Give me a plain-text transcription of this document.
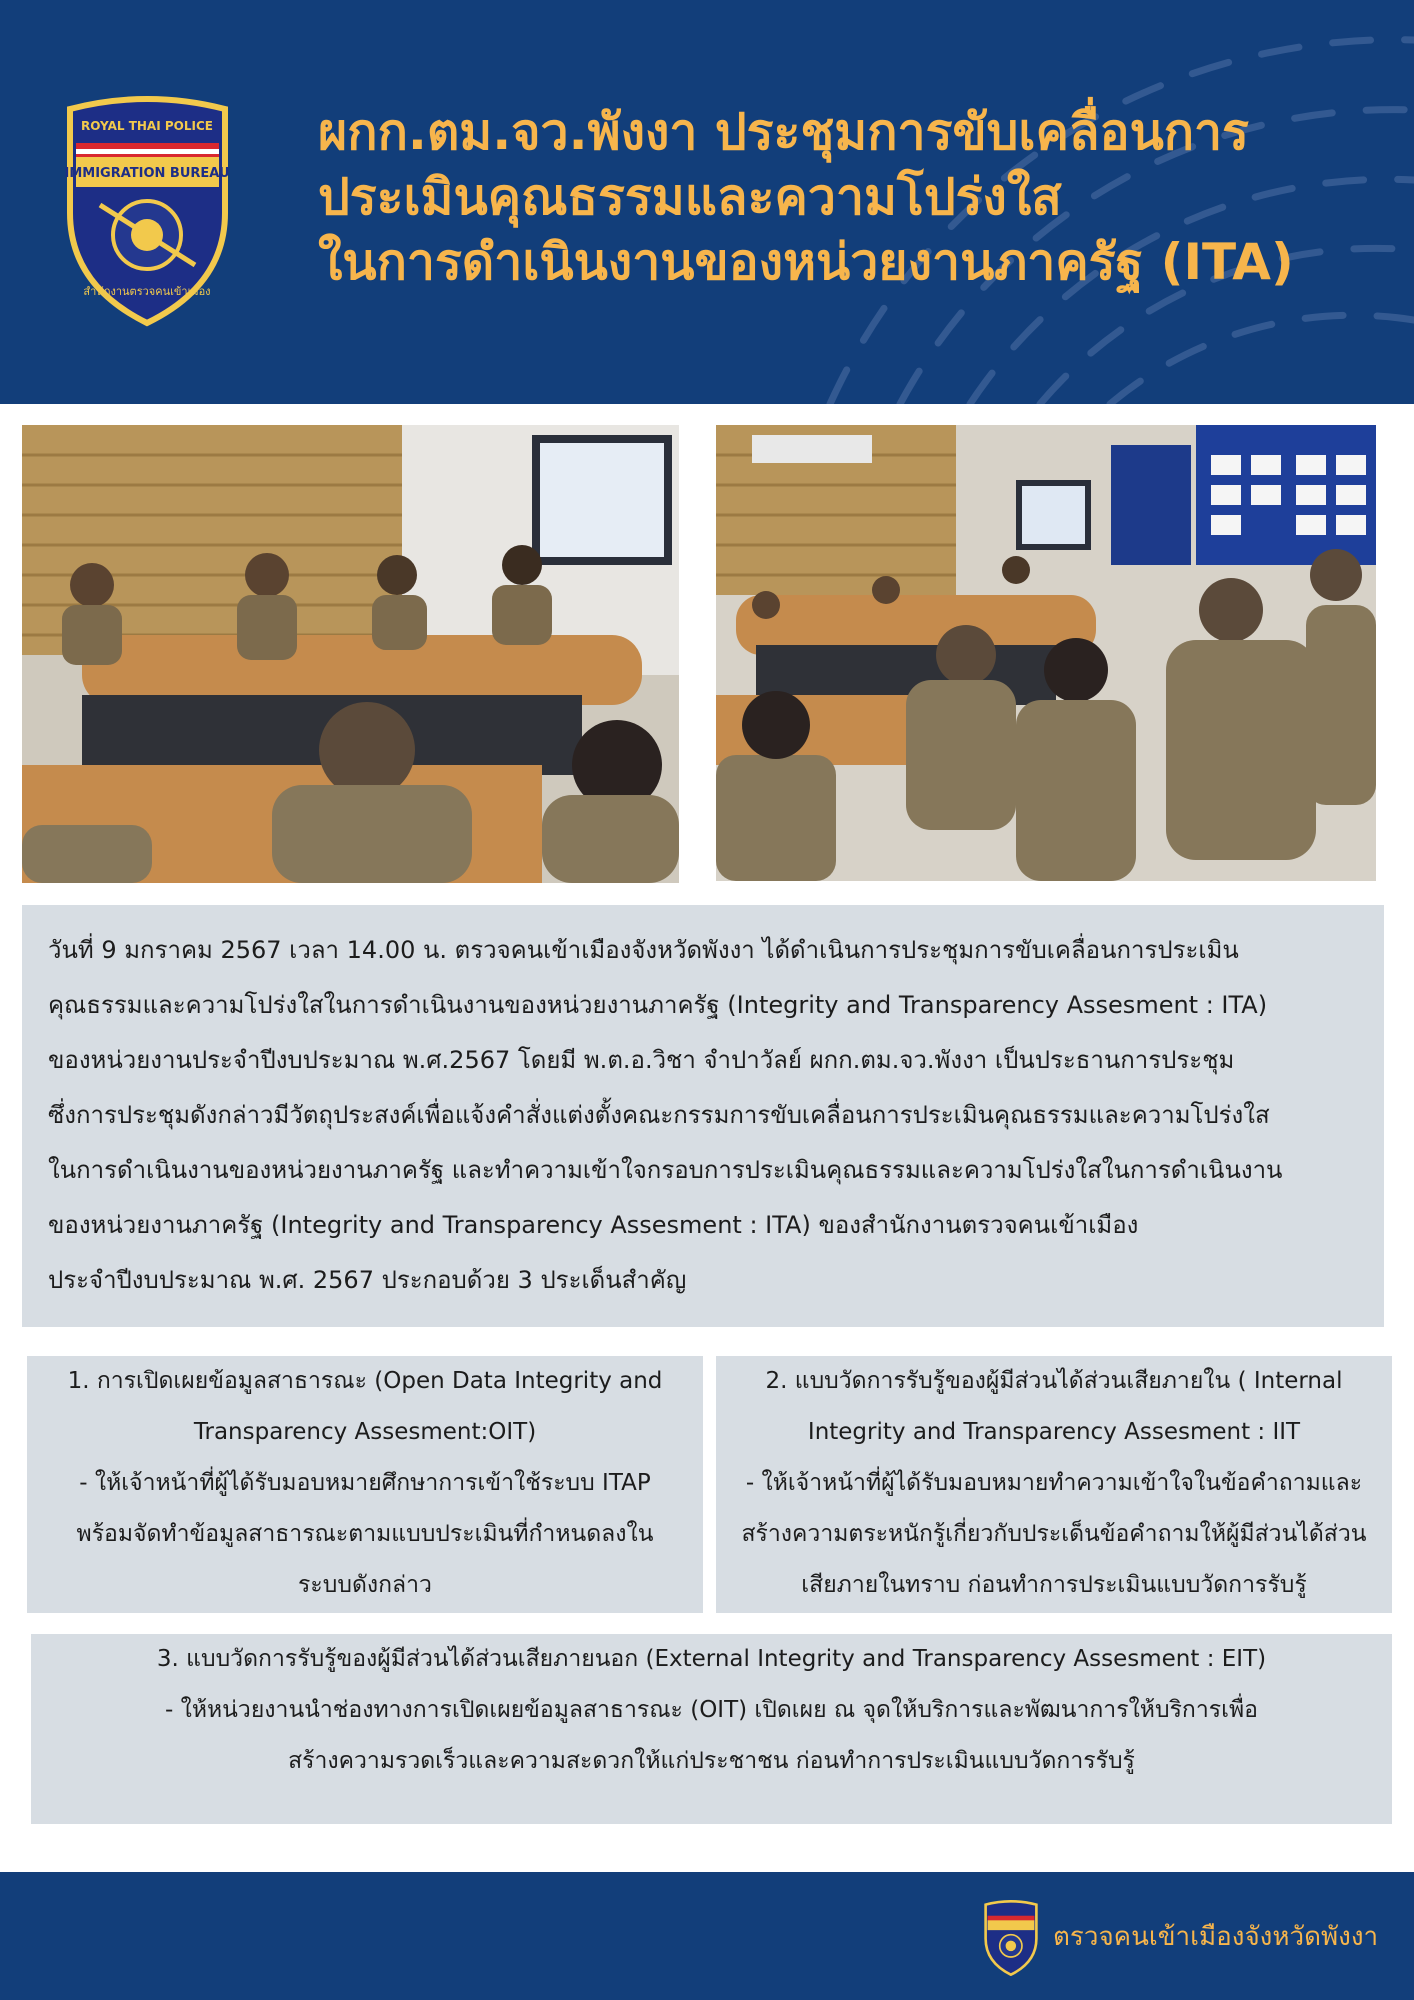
IMMIGRATION BUREAU
ROYAL THAI POLICE
สำนักงานตรวจคนเข้าเมือง
ผกก.ตม.จว.พังงา ประชุมการขับเคลื่อนการ
ประเมินคุณธรรมและความโปร่งใส
ในการดำเนินงานของหน่วยงานภาครัฐ (ITA)

วันที่ 9 มกราคม 2567 เวลา 14.00 น. ตรวจคนเข้าเมืองจังหวัดพังงา ได้ดำเนินการประชุมการขับเคลื่อนการประเมิน

คุณธรรมและความโปร่งใสในการดำเนินงานของหน่วยงานภาครัฐ (Integrity and Transparency Assesment : ITA)

ของหน่วยงานประจำปีงบประมาณ พ.ศ.2567 โดยมี พ.ต.อ.วิชา จำปาวัลย์ ผกก.ตม.จว.พังงา เป็นประธานการประชุม

ซึ่งการประชุมดังกล่าวมีวัตถุประสงค์เพื่อแจ้งคำสั่งแต่งตั้งคณะกรรมการขับเคลื่อนการประเมินคุณธรรมและความโปร่งใส

ในการดำเนินงานของหน่วยงานภาครัฐ และทำความเข้าใจกรอบการประเมินคุณธรรมและความโปร่งใสในการดำเนินงาน

ของหน่วยงานภาครัฐ (Integrity and Transparency Assesment : ITA) ของสำนักงานตรวจคนเข้าเมือง

ประจำปีงบประมาณ พ.ศ. 2567 ประกอบด้วย 3 ประเด็นสำคัญ

1. การเปิดเผยข้อมูลสาธารณะ (Open Data Integrity and
Transparency Assesment:OIT)
- ให้เจ้าหน้าที่ผู้ได้รับมอบหมายศึกษาการเข้าใช้ระบบ ITAP
พร้อมจัดทำข้อมูลสาธารณะตามแบบประเมินที่กำหนดลงใน
ระบบดังกล่าว
2. แบบวัดการรับรู้ของผู้มีส่วนได้ส่วนเสียภายใน ( Internal
Integrity and Transparency Assesment : IIT
- ให้เจ้าหน้าที่ผู้ได้รับมอบหมายทำความเข้าใจในข้อคำถามและ
สร้างความตระหนักรู้เกี่ยวกับประเด็นข้อคำถามให้ผู้มีส่วนได้ส่วน
เสียภายในทราบ ก่อนทำการประเมินแบบวัดการรับรู้
3. แบบวัดการรับรู้ของผู้มีส่วนได้ส่วนเสียภายนอก (External Integrity and Transparency Assesment : EIT)
- ให้หน่วยงานนำช่องทางการเปิดเผยข้อมูลสาธารณะ (OIT) เปิดเผย ณ จุดให้บริการและพัฒนาการให้บริการเพื่อ
สร้างความรวดเร็วและความสะดวกให้แก่ประชาชน ก่อนทำการประเมินแบบวัดการรับรู้
ตรวจคนเข้าเมืองจังหวัดพังงา
